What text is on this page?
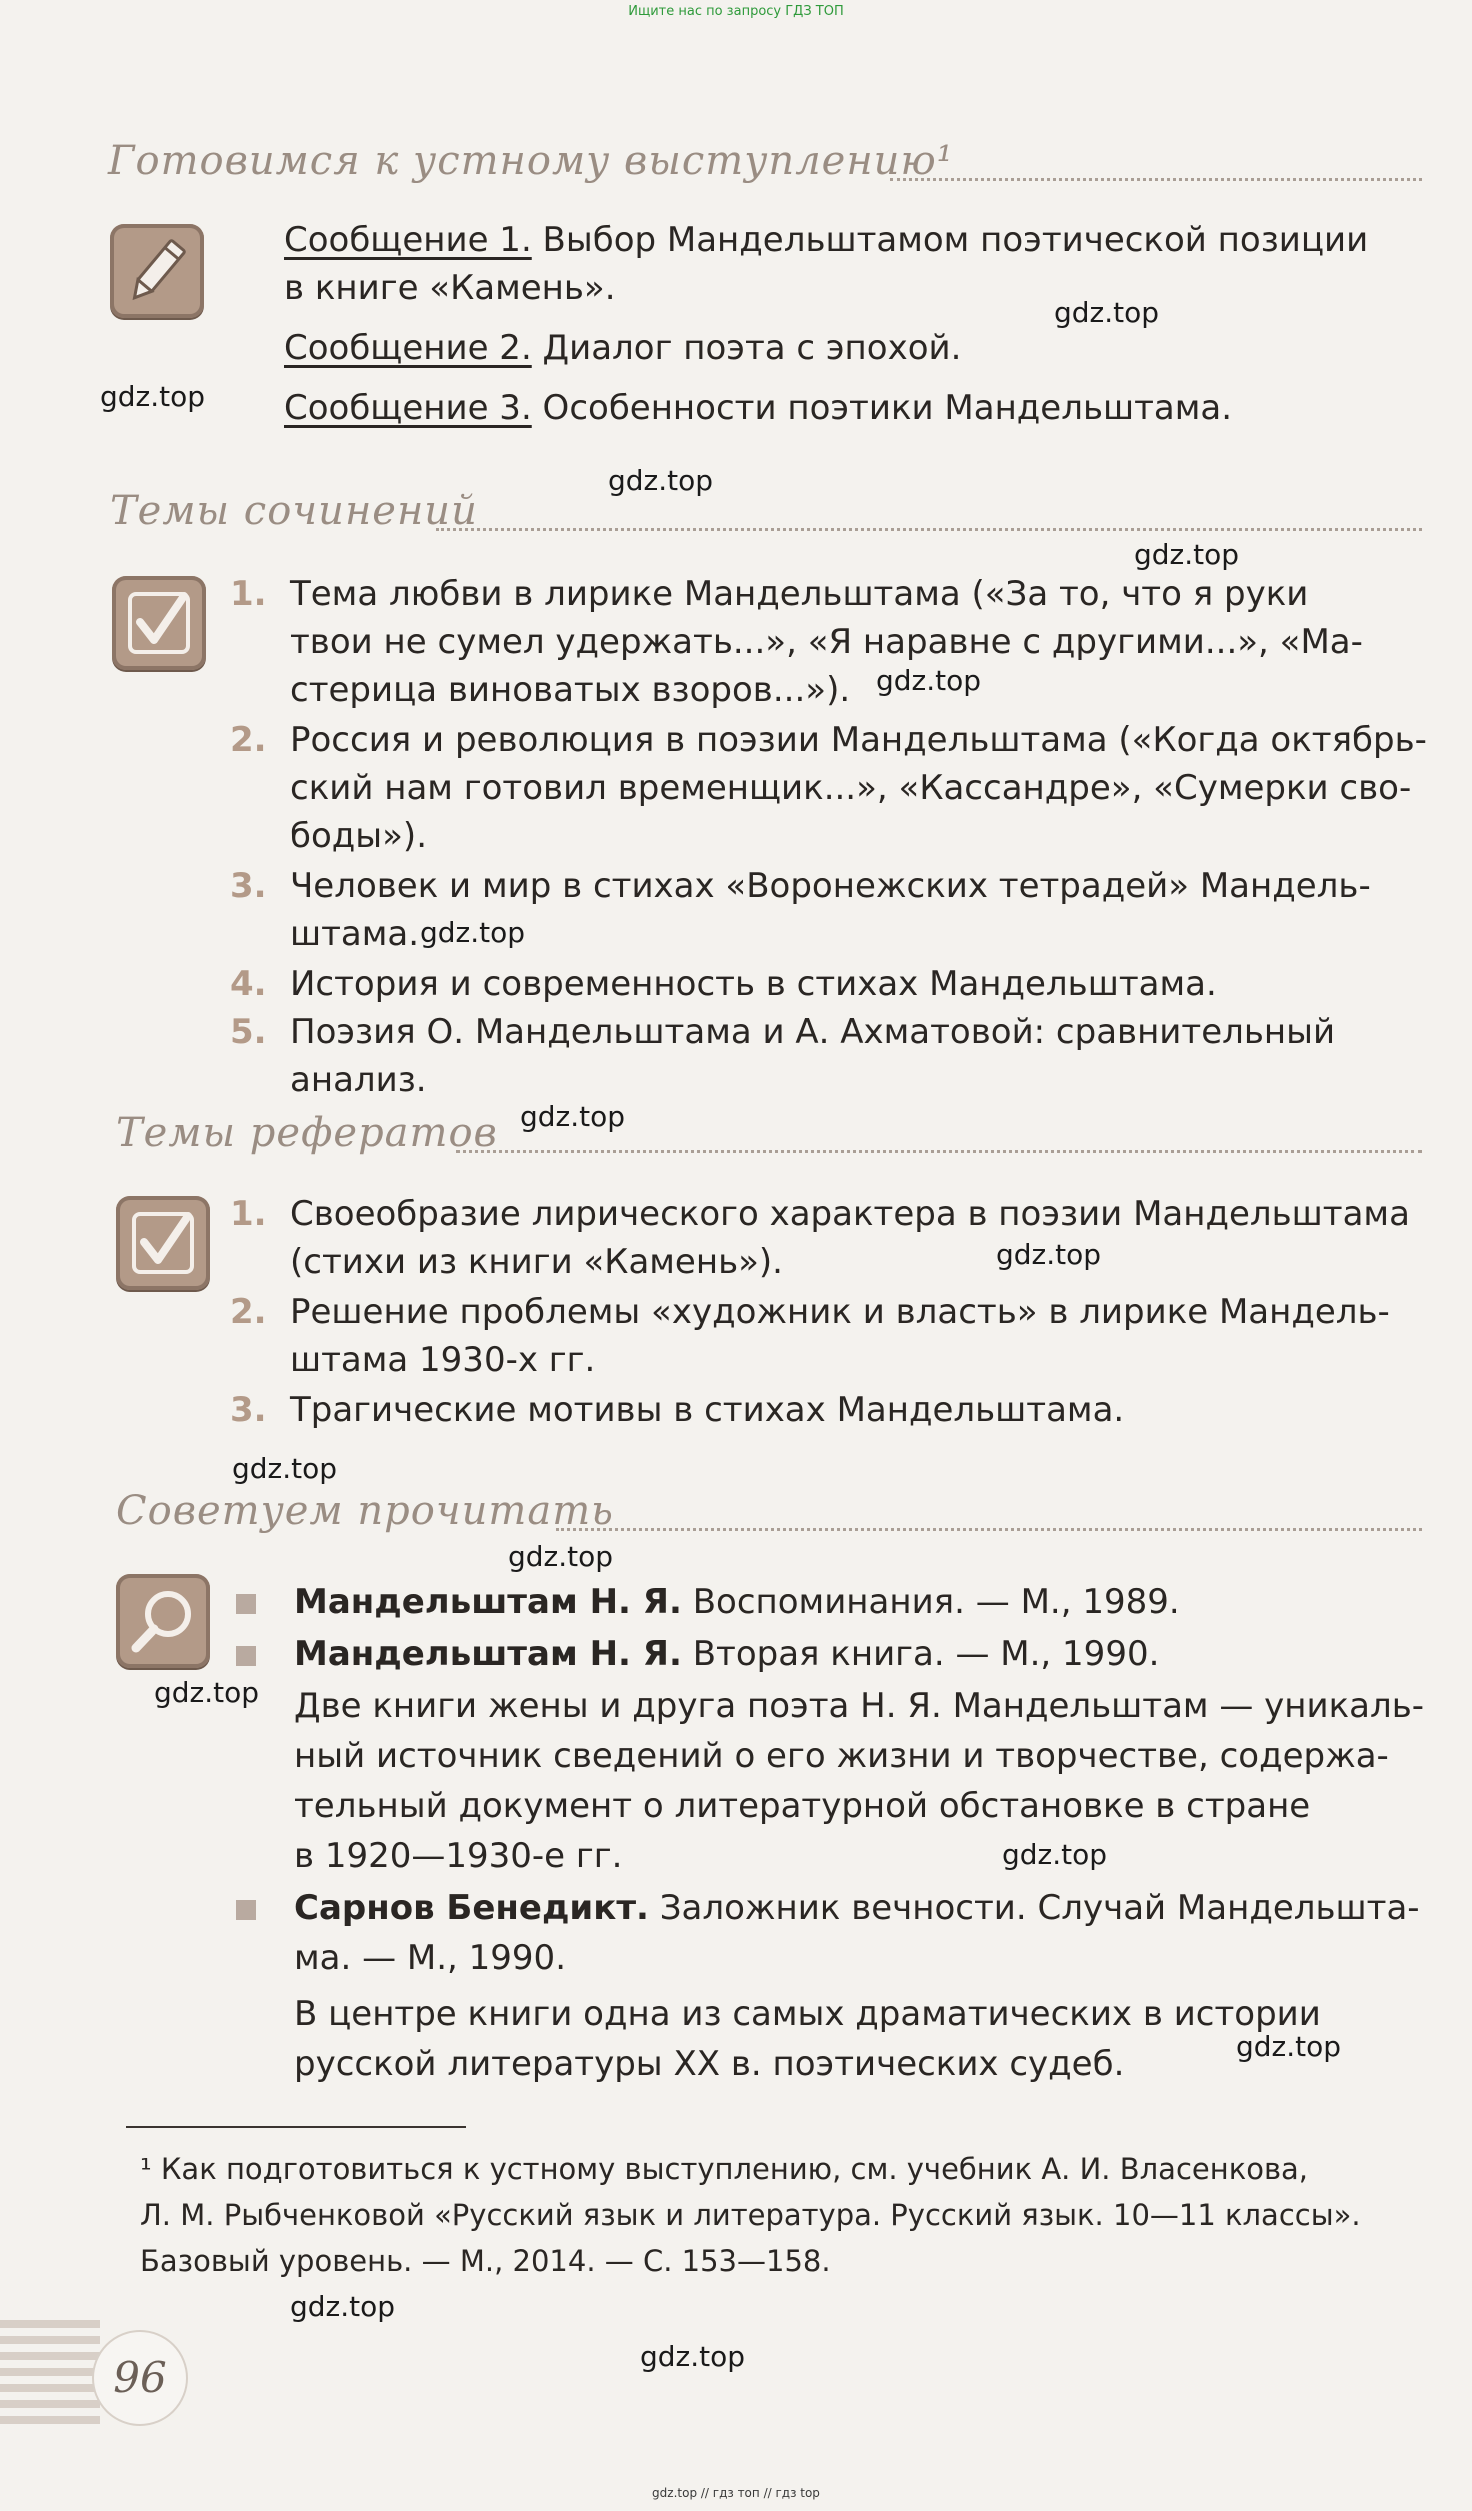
Ищите нас по запросу ГДЗ ТОП
Готовимся к устному выступлению¹
Сообщение 1. Выбор Мандельштамом поэтической позиции
в книге «Камень».
Сообщение 2. Диалог поэта с эпохой.
Сообщение 3. Особенности поэтики Мандельштама.
Темы сочинений
1. Тема любви в лирике Мандельштама («За то, что я руки
твои не сумел удержать...», «Я наравне с другими...», «Ма-
стерица виноватых взоров...»).
2. Россия и революция в поэзии Мандельштама («Когда октябрь-
ский нам готовил временщик...», «Кассандре», «Сумерки сво-
боды»).
3. Человек и мир в стихах «Воронежских тетрадей» Мандель-
штама.
4. История и современность в стихах Мандельштама.
5. Поэзия О. Мандельштама и А. Ахматовой: сравнительный анализ.
Темы рефератов
1. Своеобразие лирического характера в поэзии Мандельштама
(стихи из книги «Камень»).
2. Решение проблемы «художник и власть» в лирике Мандель-
штама 1930-х гг.
3. Трагические мотивы в стихах Мандельштама.
Советуем прочитать
Мандельштам Н. Я. Воспоминания. — М., 1989.
Мандельштам Н. Я. Вторая книга. — М., 1990.
Две книги жены и друга поэта Н. Я. Мандельштам — уникаль-
ный источник сведений о его жизни и творчестве, содержа-
тельный документ о литературной обстановке в стране
в 1920—1930-е гг.
Сарнов Бенедикт. Заложник вечности. Случай Мандельшта-
ма. — М., 1990.
В центре книги одна из самых драматических в истории
русской литературы XX в. поэтических судеб.
¹ Как подготовиться к устному выступлению, см. учебник А. И. Власенкова,
Л. М. Рыбченковой «Русский язык и литература. Русский язык. 10—11 классы».
Базовый уровень. — М., 2014. — С. 153—158.
96
gdz.top
gdz.top
gdz.top
gdz.top
gdz.top
gdz.top
gdz.top
gdz.top
gdz.top
gdz.top
gdz.top
gdz.top
gdz.top
gdz.top
gdz.top
gdz.top // гдз топ // гдз top
